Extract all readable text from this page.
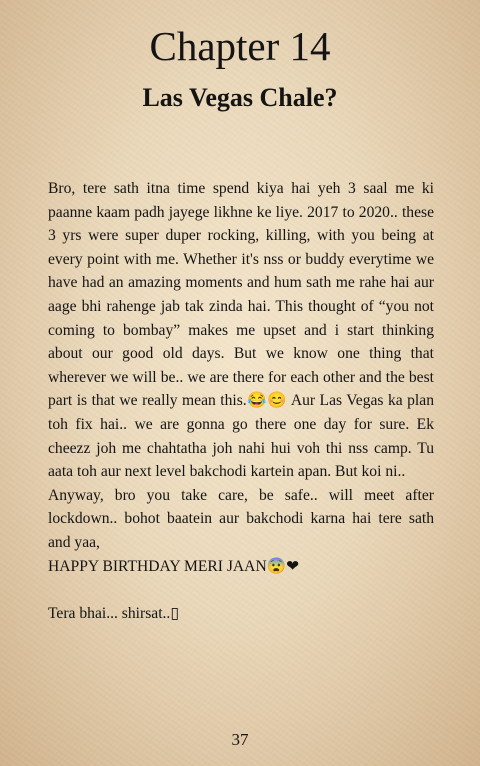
Chapter 14
Las Vegas Chale?

Bro, tere sath itna time spend kiya hai yeh 3 saal me ki paanne kaam padh jayege likhne ke liye. 2017 to 2020.. these 3 yrs were super duper rocking, killing, with you being at every point with me. Whether it's nss or buddy everytime we have had an amazing moments and hum sath me rahe hai aur aage bhi rahenge jab tak zinda hai. This thought of “you not coming to bombay” makes me upset and i start thinking about our good old days. But we know one thing that wherever we will be.. we are there for each other and the best part is that we really mean this.😂😊 Aur Las Vegas ka plan toh fix hai.. we are gonna go there one day for sure. Ek cheezz joh me chahtatha joh nahi hui voh thi nss camp. Tu aata toh aur next level bakchodi kartein apan. But koi ni..

Anyway, bro you take care, be safe.. will meet after lockdown.. bohot baatein aur bakchodi karna hai tere sath and yaa,

HAPPY BIRTHDAY MERI JAAN😨❤

Tera bhai... shirsat..▯

37
